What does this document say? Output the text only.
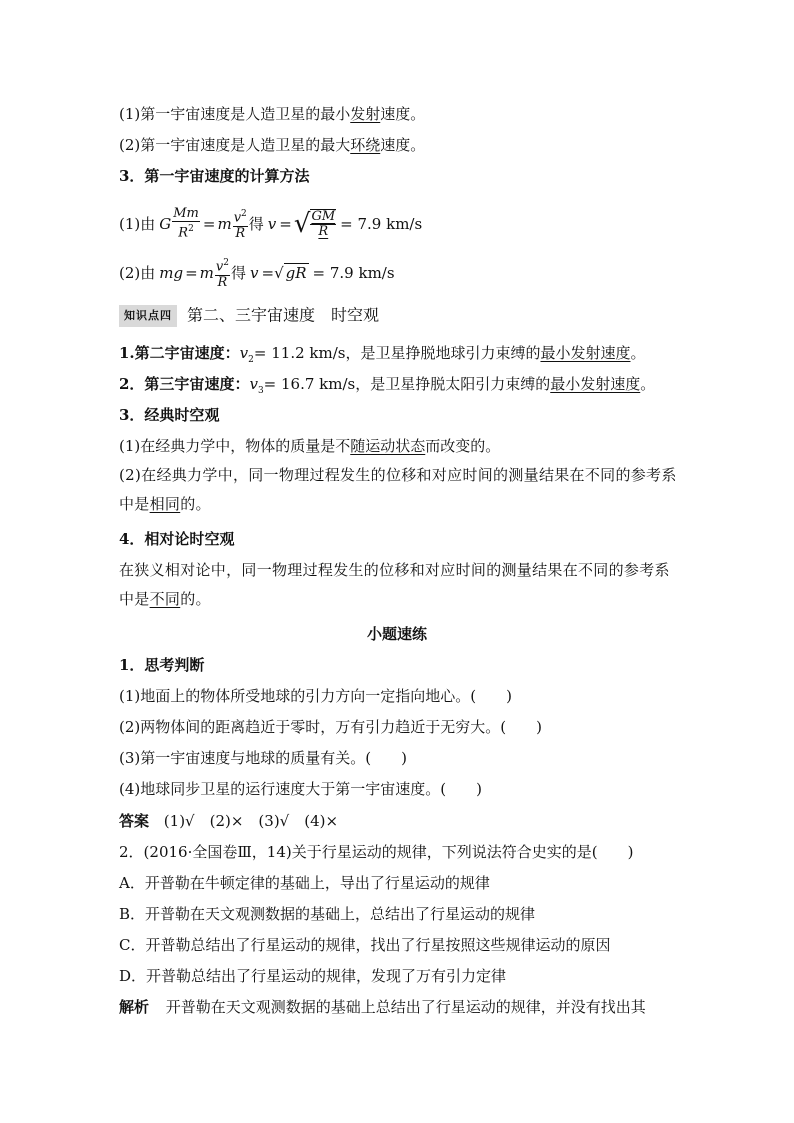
(1)第一宇宙速度是人造卫星的最小发射速度。
(2)第一宇宙速度是人造卫星的最大环绕速度。
3．第一宇宙速度的计算方法
(1)由 G $\frac{Mm}{R^2} = m \frac{v^2}{R}$ 得 v = √ $\frac{GM}{R} = 7.9$ km/s
(2)由 mg = m $\frac{v^2}{R}$ 得 v = √ gR = 7.9 km/s
知识点四 第二、三宇宙速度　时空观
1.第二宇宙速度：$v_2= 11.2$ km/s，是卫星挣脱地球引力束缚的最小发射速度。
2．第三宇宙速度：$v_3= 16.7$ km/s，是卫星挣脱太阳引力束缚的最小发射速度。
3．经典时空观
(1)在经典力学中，物体的质量是不随运动状态而改变的。
(2)在经典力学中，同一物理过程发生的位移和对应时间的测量结果在不同的参考系中是相同的。
4．相对论时空观
在狭义相对论中，同一物理过程发生的位移和对应时间的测量结果在不同的参考系中是不同的。
小题速练
1．思考判断
(1)地面上的物体所受地球的引力方向一定指向地心。(　　)
(2)两物体间的距离趋近于零时，万有引力趋近于无穷大。(　　)
(3)第一宇宙速度与地球的质量有关。(　　)
(4)地球同步卫星的运行速度大于第一宇宙速度。(　　)
答案 (1)√　(2)×　(3)√　(4)×
2．(2016·全国卷Ⅲ，14)关于行星运动的规律，下列说法符合史实的是(　　)
A．开普勒在牛顿定律的基础上，导出了行星运动的规律
B．开普勒在天文观测数据的基础上，总结出了行星运动的规律
C．开普勒总结出了行星运动的规律，找出了行星按照这些规律运动的原因
D．开普勒总结出了行星运动的规律，发现了万有引力定律
解析 开普勒在天文观测数据的基础上总结出了行星运动的规律，并没有找出其
